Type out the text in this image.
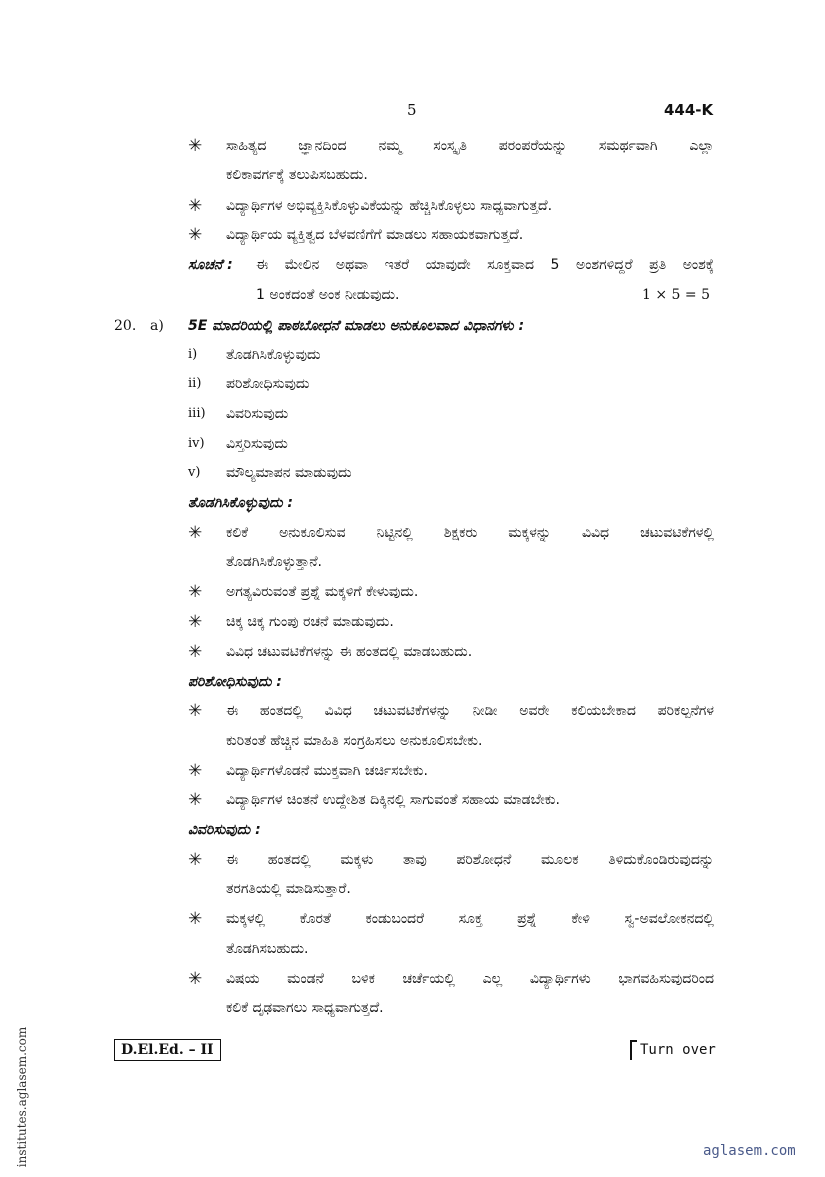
5	444-K
✳ ಸಾಹಿತ್ಯದ ಜ್ಞಾನದಿಂದ ನಮ್ಮ ಸಂಸ್ಕೃತಿ ಪರಂಪರೆಯನ್ನು ಸಮರ್ಥವಾಗಿ ಎಲ್ಲಾ
ಕಲಿಕಾವರ್ಗಕ್ಕೆ ತಲುಪಿಸಬಹುದು.
✳ ವಿದ್ಯಾರ್ಥಿಗಳ ಅಭಿವ್ಯಕ್ತಿಸಿಕೊಳ್ಳುವಿಕೆಯನ್ನು ಹೆಚ್ಚಿಸಿಕೊಳ್ಳಲು ಸಾಧ್ಯವಾಗುತ್ತದೆ.
✳ ವಿದ್ಯಾರ್ಥಿಯ ವ್ಯಕ್ತಿತ್ವದ ಬೆಳವಣಿಗೆಗೆ ಮಾಡಲು ಸಹಾಯಕವಾಗುತ್ತದೆ.
ಸೂಚನೆ : ಈ ಮೇಲಿನ ಅಥವಾ ಇತರೆ ಯಾವುದೇ ಸೂಕ್ತವಾದ 5 ಅಂಶಗಳಿದ್ದರೆ ಪ್ರತಿ ಅಂಶಕ್ಕೆ
1 ಅಂಕದಂತೆ ಅಂಕ ನೀಡುವುದು.	1 × 5 = 5
20. a) 5E ಮಾದರಿಯಲ್ಲಿ ಪಾಠಬೋಧನೆ ಮಾಡಲು ಅನುಕೂಲವಾದ ವಿಧಾನಗಳು :
i) ತೊಡಗಿಸಿಕೊಳ್ಳುವುದು
ii) ಪರಿಶೋಧಿಸುವುದು
iii) ವಿವರಿಸುವುದು
iv) ವಿಸ್ತರಿಸುವುದು
v) ಮೌಲ್ಯಮಾಪನ ಮಾಡುವುದು
ತೊಡಗಿಸಿಕೊಳ್ಳುವುದು :
✳ ಕಲಿಕೆ ಅನುಕೂಲಿಸುವ ನಿಟ್ಟಿನಲ್ಲಿ ಶಿಕ್ಷಕರು ಮಕ್ಕಳನ್ನು ವಿವಿಧ ಚಟುವಟಿಕೆಗಳಲ್ಲಿ
ತೊಡಗಿಸಿಕೊಳ್ಳುತ್ತಾನೆ.
✳ ಅಗತ್ಯವಿರುವಂತೆ ಪ್ರಶ್ನೆ ಮಕ್ಕಳಿಗೆ ಕೇಳುವುದು.
✳ ಚಿಕ್ಕ ಚಿಕ್ಕ ಗುಂಪು ರಚನೆ ಮಾಡುವುದು.
✳ ವಿವಿಧ ಚಟುವಟಿಕೆಗಳನ್ನು ಈ ಹಂತದಲ್ಲಿ ಮಾಡಬಹುದು.
ಪರಿಶೋಧಿಸುವುದು :
✳ ಈ ಹಂತದಲ್ಲಿ ವಿವಿಧ ಚಟುವಟಿಕೆಗಳನ್ನು ನೀಡೀ ಅವರೇ ಕಲಿಯಬೇಕಾದ ಪರಿಕಲ್ಪನೆಗಳ
ಕುರಿತಂತೆ ಹೆಚ್ಚಿನ ಮಾಹಿತಿ ಸಂಗ್ರಹಿಸಲು ಅನುಕೂಲಿಸಬೇಕು.
✳ ವಿದ್ಯಾರ್ಥಿಗಳೊಡನೆ ಮುಕ್ತವಾಗಿ ಚರ್ಚಿಸಬೇಕು.
✳ ವಿದ್ಯಾರ್ಥಿಗಳ ಚಿಂತನೆ ಉದ್ದೇಶಿತ ದಿಕ್ಕಿನಲ್ಲಿ ಸಾಗುವಂತೆ ಸಹಾಯ ಮಾಡಬೇಕು.
ವಿವರಿಸುವುದು :
✳ ಈ ಹಂತದಲ್ಲಿ ಮಕ್ಕಳು ತಾವು ಪರಿಶೋಧನೆ ಮೂಲಕ ತಿಳಿದುಕೊಂಡಿರುವುದನ್ನು
ತರಗತಿಯಲ್ಲಿ ಮಾಡಿಸುತ್ತಾರೆ.
✳ ಮಕ್ಕಳಲ್ಲಿ ಕೊರತೆ ಕಂಡುಬಂದರೆ ಸೂಕ್ತ ಪ್ರಶ್ನೆ ಕೇಳಿ ಸ್ವ-ಅವಲೋಕನದಲ್ಲಿ
ತೊಡಗಿಸಬಹುದು.
✳ ವಿಷಯ ಮಂಡನೆ ಬಳಿಕ ಚರ್ಚೆಯಲ್ಲಿ ಎಲ್ಲ ವಿದ್ಯಾರ್ಥಿಗಳು ಭಾಗವಹಿಸುವುದರಿಂದ
ಕಲಿಕೆ ದೃಢವಾಗಲು ಸಾಧ್ಯವಾಗುತ್ತದೆ.
D.El.Ed. – II	Turn over
institutes.aglasem.com	aglasem.com
